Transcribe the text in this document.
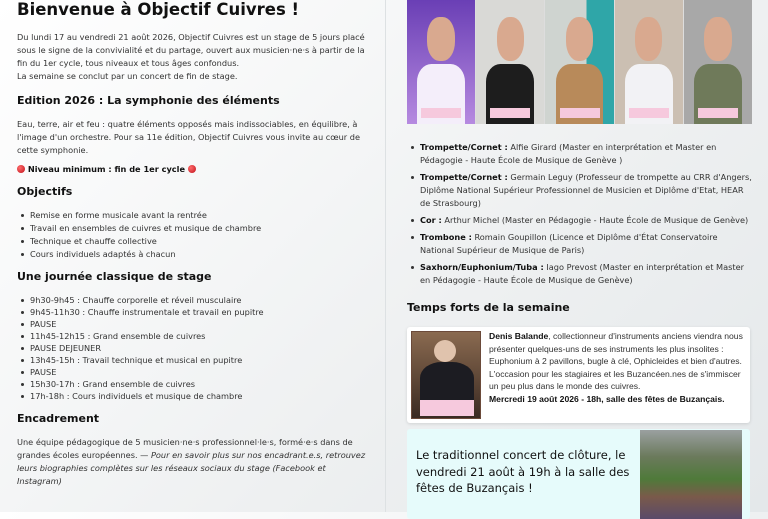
Bienvenue à Objectif Cuivres !

Du lundi 17 au vendredi 21 août 2026, Objectif Cuivres est un stage de 5 jours placé sous le signe de la convivialité et du partage, ouvert aux musicien·ne·s à partir de la fin du 1er cycle, tous niveaux et tous âges confondus.

La semaine se conclut par un concert de fin de stage.

Edition 2026 : La symphonie des éléments

Eau, terre, air et feu : quatre éléments opposés mais indissociables, en équilibre, à l'image d'un orchestre. Pour sa 11e édition, Objectif Cuivres vous invite au cœur de cette symphonie.

Niveau minimum : fin de 1er cycle

Objectifs
Remise en forme musicale avant la rentrée
Travail en ensembles de cuivres et musique de chambre
Technique et chauffe collective
Cours individuels adaptés à chacun
Une journée classique de stage
9h30-9h45 : Chauffe corporelle et réveil musculaire
9h45-11h30 : Chauffe instrumentale et travail en pupitre
PAUSE
11h45-12h15 : Grand ensemble de cuivres
PAUSE DEJEUNER
13h45-15h : Travail technique et musical en pupitre
PAUSE
15h30-17h : Grand ensemble de cuivres
17h-18h : Cours individuels et musique de chambre
Encadrement

Une équipe pédagogique de 5 musicien·ne·s professionnel·le·s, formé·e·s dans de grandes écoles européennes. — Pour en savoir plus sur nos encadrant.e.s, retrouvez leurs biographies complètes sur les réseaux sociaux du stage (Facebook et Instagram)

Trompette/Cornet : Alfie Girard (Master en interprétation et Master en Pédagogie - Haute École de Musique de Genève )
Trompette/Cornet : Germain Leguy (Professeur de trompette au CRR d'Angers, Diplôme National Supérieur Professionnel de Musicien et Diplôme d'Etat, HEAR de Strasbourg)
Cor : Arthur Michel (Master en Pédagogie - Haute École de Musique de Genève)
Trombone : Romain Goupillon (Licence et Diplôme d'État Conservatoire National Supérieur de Musique de Paris)
Saxhorn/Euphonium/Tuba : Iago Prevost (Master en interprétation et Master en Pédagogie - Haute École de Musique de Genève)
Temps forts de la semaine

Denis Balande, collectionneur d'instruments anciens viendra nous présenter quelques-uns de ses instruments les plus insolites : Euphonium à 2 pavillons, bugle à clé, Ophicleides et bien d'autres. L'occasion pour les stagiaires et les Buzancéen.nes de s'immiscer un peu plus dans le monde des cuivres.
Mercredi 19 août 2026 - 18h, salle des fêtes de Buzançais.

Le traditionnel concert de clôture, le vendredi 21 août à 19h à la salle des fêtes de Buzançais !
